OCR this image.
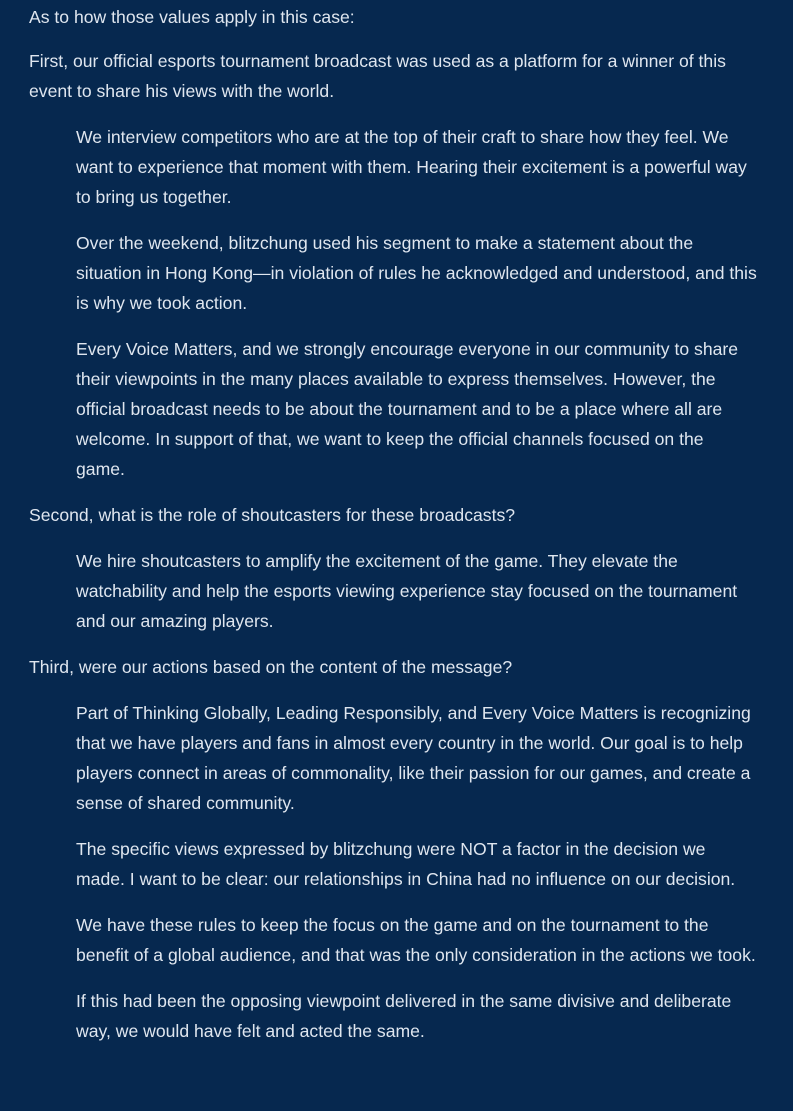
As to how those values apply in this case:

First, our official esports tournament broadcast was used as a platform for a winner of this event to share his views with the world.

We interview competitors who are at the top of their craft to share how they feel. We want to experience that moment with them. Hearing their excitement is a powerful way to bring us together.

Over the weekend, blitzchung used his segment to make a statement about the situation in Hong Kong—in violation of rules he acknowledged and understood, and this is why we took action.

Every Voice Matters, and we strongly encourage everyone in our community to share their viewpoints in the many places available to express themselves. However, the official broadcast needs to be about the tournament and to be a place where all are welcome. In support of that, we want to keep the official channels focused on the game.

Second, what is the role of shoutcasters for these broadcasts?

We hire shoutcasters to amplify the excitement of the game. They elevate the watchability and help the esports viewing experience stay focused on the tournament and our amazing players.

Third, were our actions based on the content of the message?

Part of Thinking Globally, Leading Responsibly, and Every Voice Matters is recognizing that we have players and fans in almost every country in the world. Our goal is to help players connect in areas of commonality, like their passion for our games, and create a sense of shared community.

The specific views expressed by blitzchung were NOT a factor in the decision we made. I want to be clear: our relationships in China had no influence on our decision.

We have these rules to keep the focus on the game and on the tournament to the benefit of a global audience, and that was the only consideration in the actions we took.

If this had been the opposing viewpoint delivered in the same divisive and deliberate way, we would have felt and acted the same.
